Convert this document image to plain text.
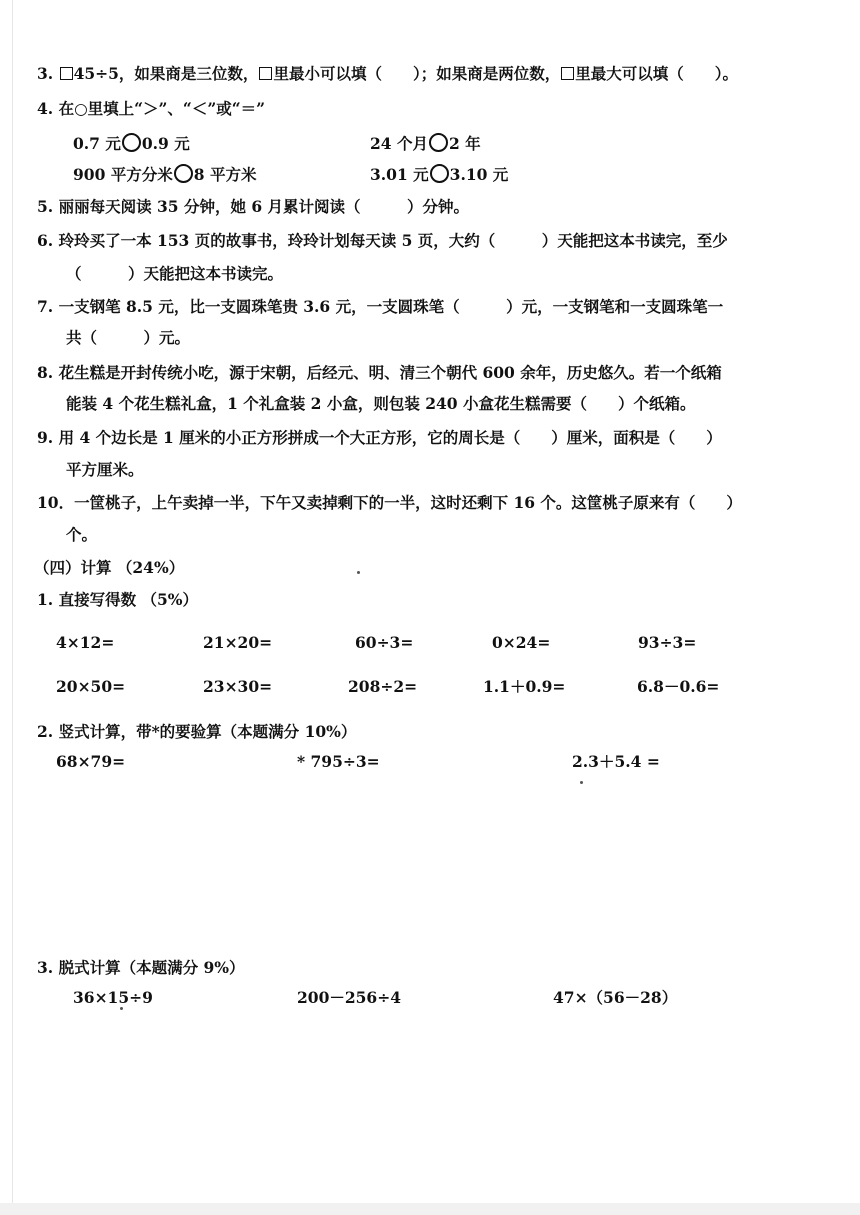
3. 45÷5，如果商是三位数， 里最小可以填（　　）；如果商是两位数， 里最大可以填（　　）。
4. 在○里填上“＞”、“＜”或“＝”
0.7 元 0.9 元	24 个月 2 年
900 平方分米 8 平方米	3.01 元 3.10 元
5. 丽丽每天阅读 35 分钟，她 6 月累计阅读（　　　）分钟。
6. 玲玲买了一本 153 页的故事书，玲玲计划每天读 5 页，大约（　　　）天能把这本书读完，至少
（　　　）天能把这本书读完。
7. 一支钢笔 8.5 元，比一支圆珠笔贵 3.6 元，一支圆珠笔（　　　）元，一支钢笔和一支圆珠笔一
共（　　　）元。
8. 花生糕是开封传统小吃，源于宋朝，后经元、明、清三个朝代 600 余年，历史悠久。若一个纸箱
能装 4 个花生糕礼盒，1 个礼盒装 2 小盒，则包装 240 小盒花生糕需要（　　）个纸箱。
9. 用 4 个边长是 1 厘米的小正方形拼成一个大正方形，它的周长是（　　）厘米，面积是（　　）
平方厘米。
10．一筐桃子，上午卖掉一半，下午又卖掉剩下的一半，这时还剩下 16 个。这筐桃子原来有（　　）
个。
（四）计算 （24%）
1. 直接写得数 （5%）
4×12=	21×20=	60÷3=	0×24=	93÷3=
20×50=	23×30=	208÷2=	1.1＋0.9=	6.8－0.6=
2. 竖式计算，带*的要验算（本题满分 10%）
68×79=	* 795÷3=	2.3＋5.4 =
3. 脱式计算（本题满分 9%）
36×15÷9	200－256÷4	47×（56－28）
